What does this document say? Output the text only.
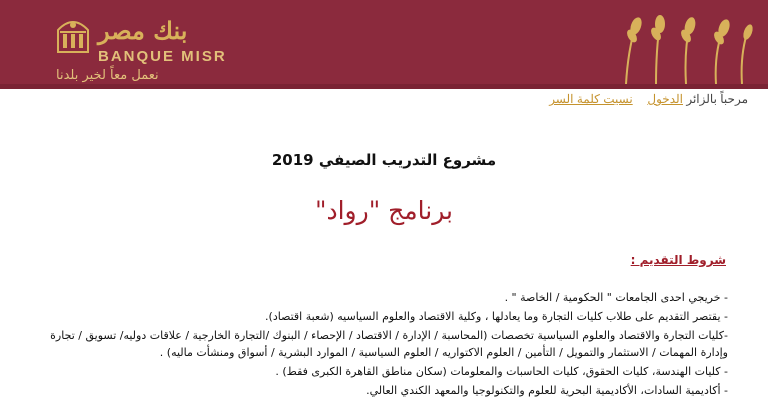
بنك مصر
BANQUE MISR
نعمل معاً لخير بلدنا
مرحباً بالزائر الدخول  نسيت كلمة السر
مشروع التدريب الصيفي 2019
برنامج "رواد"
شروط التقديم :

- خريجي احدى الجامعات " الحكومية / الخاصة " .

- يقتصر التقديم على طلاب كليات التجارة وما يعادلها ، وكلية الاقتصاد والعلوم السياسيه (شعبة اقتصاد).

-كليات التجارة والاقتصاد والعلوم السياسية تخصصات (المحاسبة / الإدارة / الاقتصاد / الإحصاء / البنوك /التجارة الخارجية / علاقات دوليه/ تسويق / تجارة وإدارة المهمات / الاستثمار والتمويل / التأمين / العلوم الاكتواريه / العلوم السياسية / الموارد البشرية / أسواق ومنشأت ماليه) .

- كليات الهندسة، كليات الحقوق، كليات الحاسبات والمعلومات (سكان مناطق القاهرة الكبرى فقط) .

- أكاديمية السادات، الأكاديمية البحرية للعلوم والتكنولوجيا والمعهد الكندي العالي.
